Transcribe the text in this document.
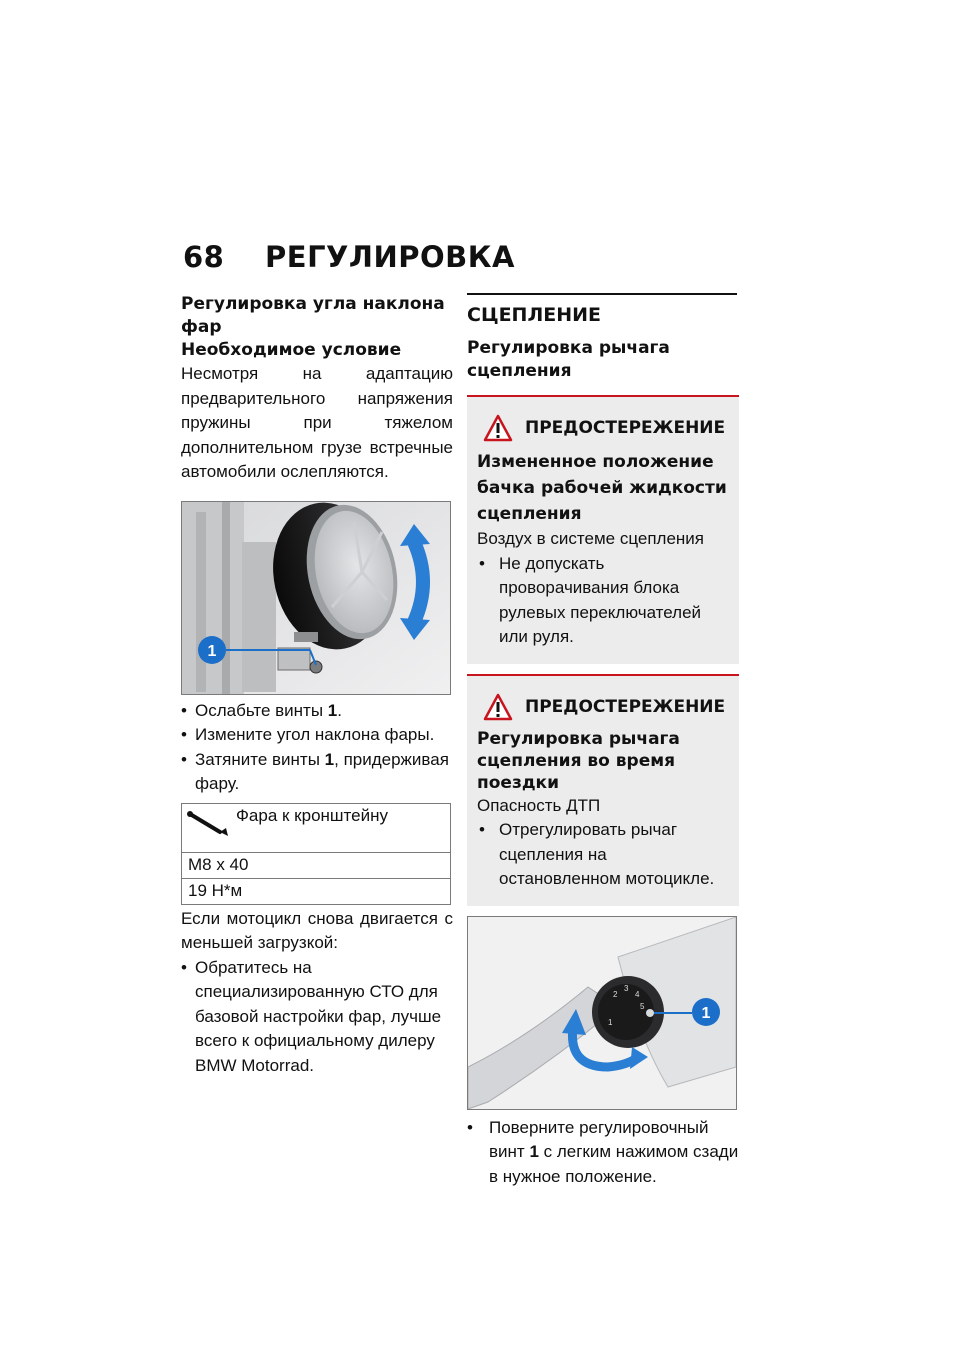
68 РЕГУЛИРОВКА

Регулировка угла наклона фар

Необходимое условие

Несмотря на адаптацию предварительного напряжения пружины при тяжелом дополнительном грузе встречные автомобили ослепляются.

1
• Ослабьте винты 1.
• Измените угол наклона фары.
• Затяните винты 1, придерживая фару.
Фара к кронштейну
M8 x 40
19 Н*м

Если мотоцикл снова двигается с меньшей загрузкой:

• Обратитесь на специализированную СТО для базовой настройки фар, лучше всего к официальному дилеру BMW Motorrad.
СЦЕПЛЕНИЕ

Регулировка рычага сцепления

ПРЕДОСТЕРЕЖЕНИЕ

Измененное положение бачка рабочей жидкости сцепления

Воздух в системе сцепления

• Не допускать проворачивания блока рулевых переключателей или руля.
ПРЕДОСТЕРЕЖЕНИЕ

Регулировка рычага сцепления во время поездки

Опасность ДТП

• Отрегулировать рычаг сцепления на остановленном мотоцикле.
1
2
3
4
5	1
• Поверните регулировочный винт 1 с легким нажимом сзади в нужное положение.
